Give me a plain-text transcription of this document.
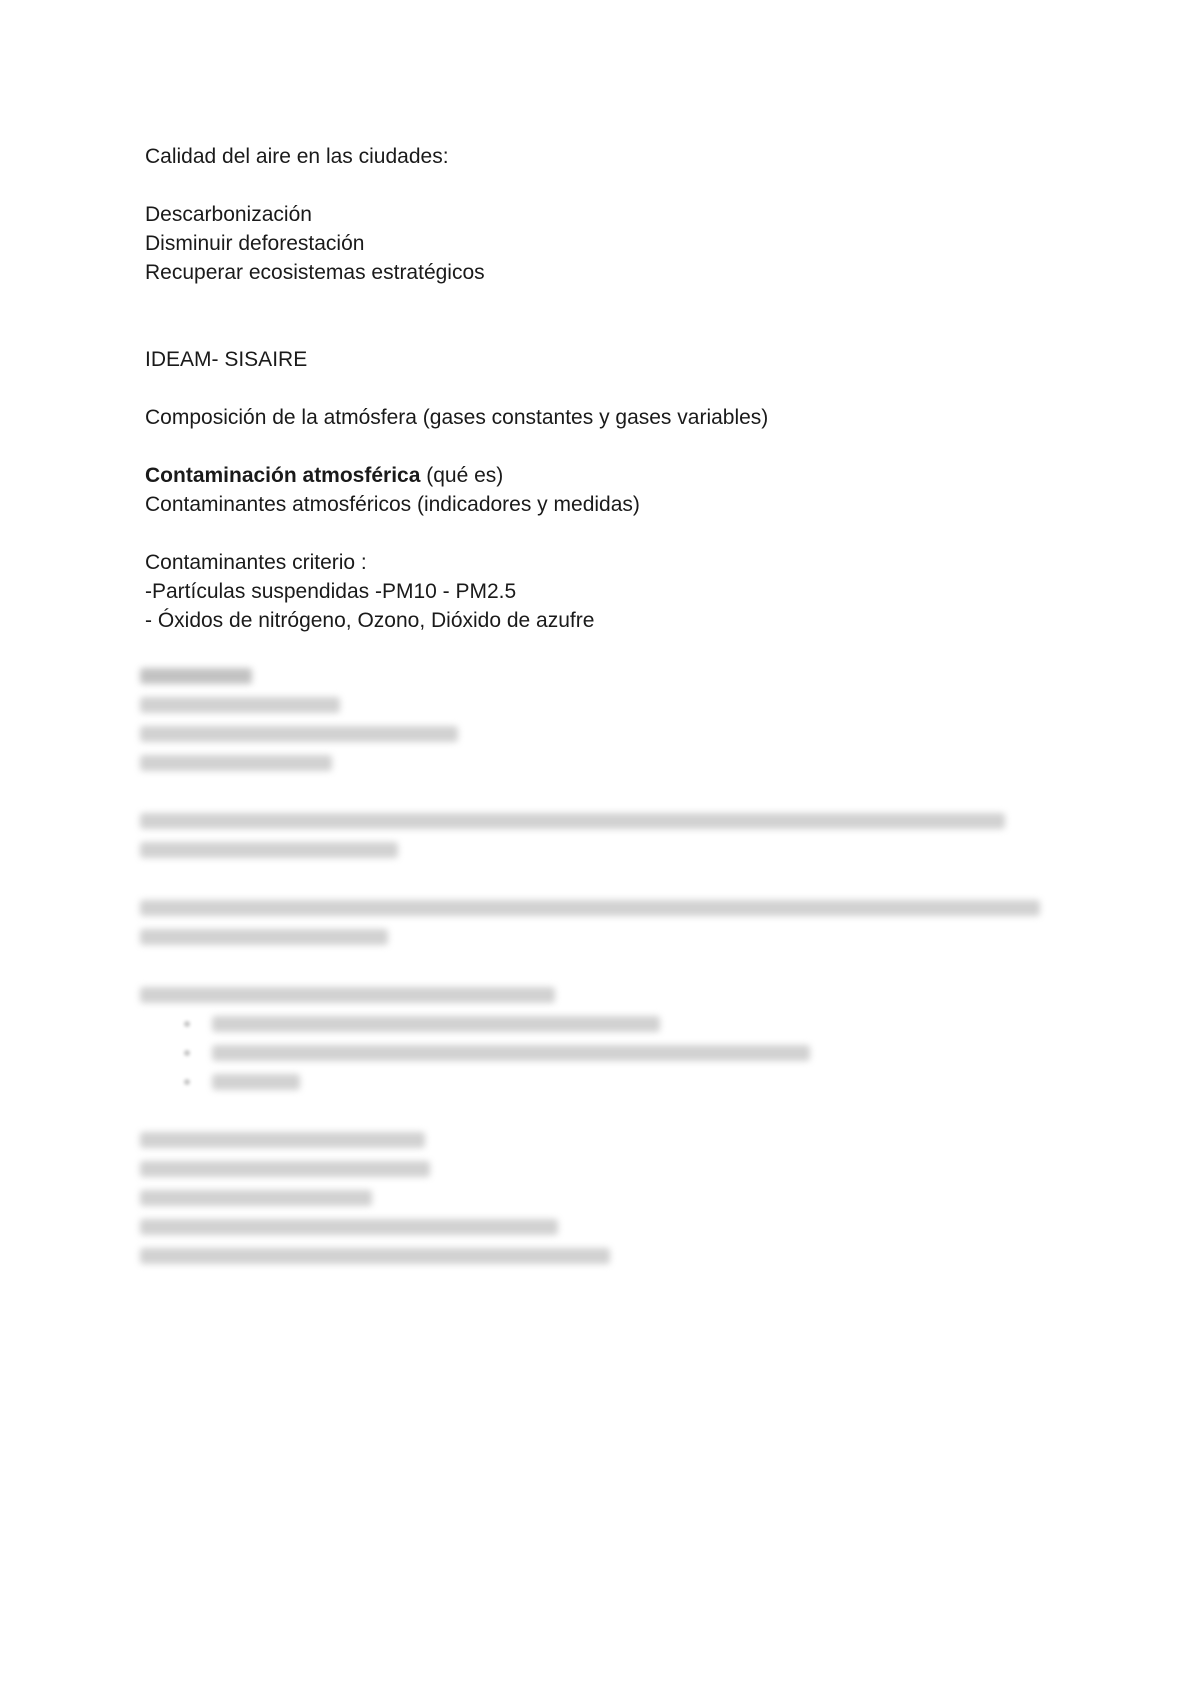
Calidad del aire en las ciudades:
Descarbonización
Disminuir deforestación
Recuperar ecosistemas estratégicos
IDEAM- SISAIRE
Composición de la atmósfera (gases constantes y gases variables)
Contaminación atmosférica (qué es)
Contaminantes atmosféricos (indicadores y medidas)
Contaminantes criterio :
-Partículas suspendidas -PM10 - PM2.5
- Óxidos de nitrógeno, Ozono, Dióxido de azufre
